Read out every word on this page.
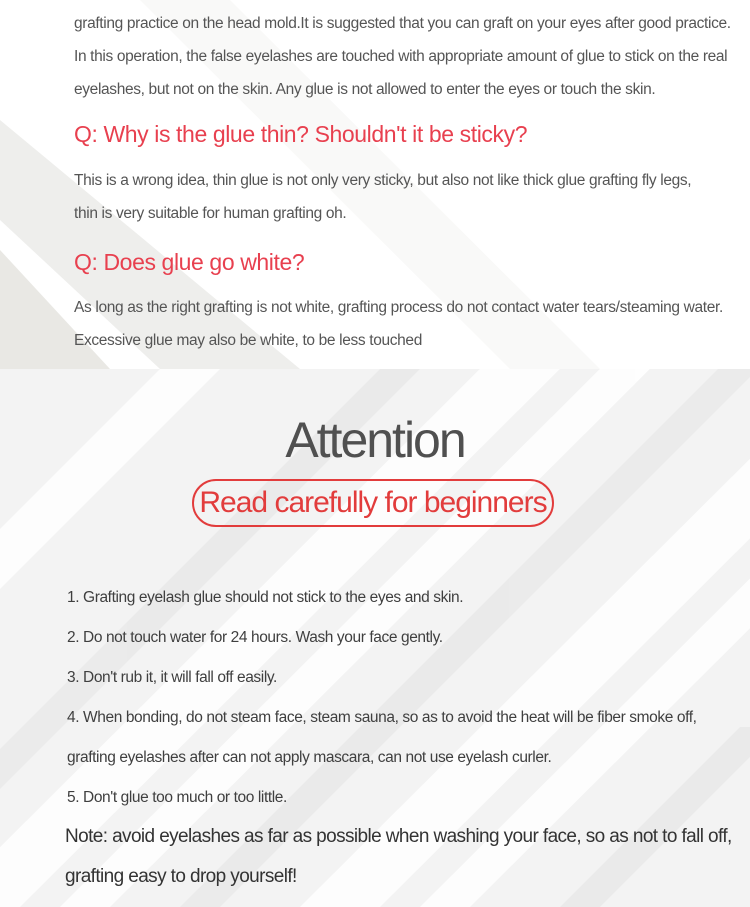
grafting practice on the head mold.It is suggested that you can graft on your eyes after good practice.

In this operation, the false eyelashes are touched with appropriate amount of glue to stick on the real

eyelashes, but not on the skin. Any glue is not allowed to enter the eyes or touch the skin.

Q: Why is the glue thin? Shouldn't it be sticky?

This is a wrong idea, thin glue is not only very sticky, but also not like thick glue grafting fly legs,

thin is very suitable for human grafting oh.

Q: Does glue go white?

As long as the right grafting is not white, grafting process do not contact water tears/steaming water.

Excessive glue may also be white, to be less touched

Attention
Read carefully for beginners

1. Grafting eyelash glue should not stick to the eyes and skin.

2. Do not touch water for 24 hours. Wash your face gently.

3. Don't rub it, it will fall off easily.

4. When bonding, do not steam face, steam sauna, so as to avoid the heat will be fiber smoke off,

grafting eyelashes after can not apply mascara, can not use eyelash curler.

5. Don't glue too much or too little.

Note: avoid eyelashes as far as possible when washing your face, so as not to fall off,

grafting easy to drop yourself!
